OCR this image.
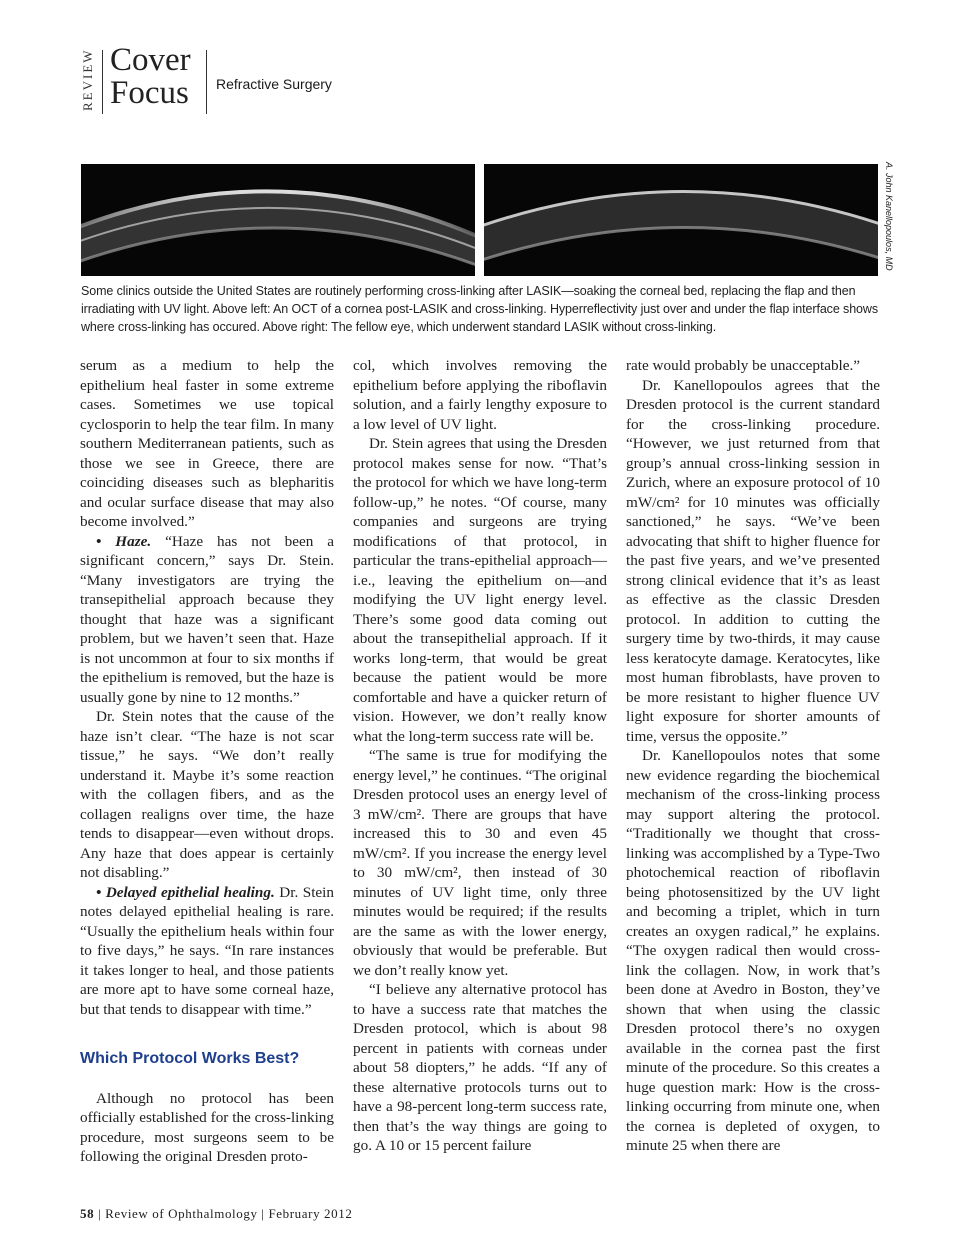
REVIEW Cover
Focus	Refractive Surgery
A. John Kanellopoulos, MD
Some clinics outside the United States are routinely performing cross-linking after LASIK—soaking the corneal bed, replacing the flap and then irradiating with UV light. Above left: An OCT of a cornea post-LASIK and cross-linking. Hyperreflectivity just over and under the flap interface shows where cross-linking has occured. Above right: The fellow eye, which underwent standard LASIK without cross-linking.

serum as a medium to help the epithelium heal faster in some extreme cases. Sometimes we use topical cyclosporin to help the tear film. In many southern Mediterranean patients, such as those we see in Greece, there are coinciding diseases such as blepharitis and ocular surface disease that may also become involved.”

• Haze. “Haze has not been a significant concern,” says Dr. Stein. “Many investigators are trying the transepithelial approach because they thought that haze was a significant problem, but we haven’t seen that. Haze is not uncommon at four to six months if the epithelium is removed, but the haze is usually gone by nine to 12 months.”

Dr. Stein notes that the cause of the haze isn’t clear. “The haze is not scar tissue,” he says. “We don’t really understand it. Maybe it’s some reaction with the collagen fibers, and as the collagen realigns over time, the haze tends to disappear—even without drops. Any haze that does appear is certainly not disabling.”

• Delayed epithelial healing. Dr. Stein notes delayed epithelial healing is rare. “Usually the epithelium heals within four to five days,” he says. “In rare instances it takes longer to heal, and those patients are more apt to have some corneal haze, but that tends to disappear with time.”

Which Protocol Works Best?

Although no protocol has been officially established for the cross-linking procedure, most surgeons seem to be following the original Dresden proto-

col, which involves removing the epithelium before applying the riboflavin solution, and a fairly lengthy exposure to a low level of UV light.

Dr. Stein agrees that using the Dresden protocol makes sense for now. “That’s the protocol for which we have long-term follow-up,” he notes. “Of course, many companies and surgeons are trying modifications of that protocol, in particular the trans-epithelial approach—i.e., leaving the epithelium on—and modifying the UV light energy level. There’s some good data coming out about the transepithelial approach. If it works long-term, that would be great because the patient would be more comfortable and have a quicker return of vision. However, we don’t really know what the long-term success rate will be.

“The same is true for modifying the energy level,” he continues. “The original Dresden protocol uses an energy level of 3 mW/cm². There are groups that have increased this to 30 and even 45 mW/cm². If you increase the energy level to 30 mW/cm², then instead of 30 minutes of UV light time, only three minutes would be required; if the results are the same as with the lower energy, obviously that would be preferable. But we don’t really know yet.

“I believe any alternative protocol has to have a success rate that matches the Dresden protocol, which is about 98 percent in patients with corneas under about 58 diopters,” he adds. “If any of these alternative protocols turns out to have a 98-percent long-term success rate, then that’s the way things are going to go. A 10 or 15 percent failure

rate would probably be unacceptable.”

Dr. Kanellopoulos agrees that the Dresden protocol is the current standard for the cross-linking procedure. “However, we just returned from that group’s annual cross-linking session in Zurich, where an exposure protocol of 10 mW/cm² for 10 minutes was officially sanctioned,” he says. “We’ve been advocating that shift to higher fluence for the past five years, and we’ve presented strong clinical evidence that it’s as least as effective as the classic Dresden protocol. In addition to cutting the surgery time by two-thirds, it may cause less keratocyte damage. Keratocytes, like most human fibroblasts, have proven to be more resistant to higher fluence UV light exposure for shorter amounts of time, versus the opposite.”

Dr. Kanellopoulos notes that some new evidence regarding the biochemical mechanism of the cross-linking process may support altering the protocol. “Traditionally we thought that cross-linking was accomplished by a Type-Two photochemical reaction of riboflavin being photosensitized by the UV light and becoming a triplet, which in turn creates an oxygen radical,” he explains. “The oxygen radical then would cross-link the collagen. Now, in work that’s been done at Avedro in Boston, they’ve shown that when using the classic Dresden protocol there’s no oxygen available in the cornea past the first minute of the procedure. So this creates a huge question mark: How is the cross-linking occurring from minute one, when the cornea is depleted of oxygen, to minute 25 when there are

58 | Review of Ophthalmology | February 2012
